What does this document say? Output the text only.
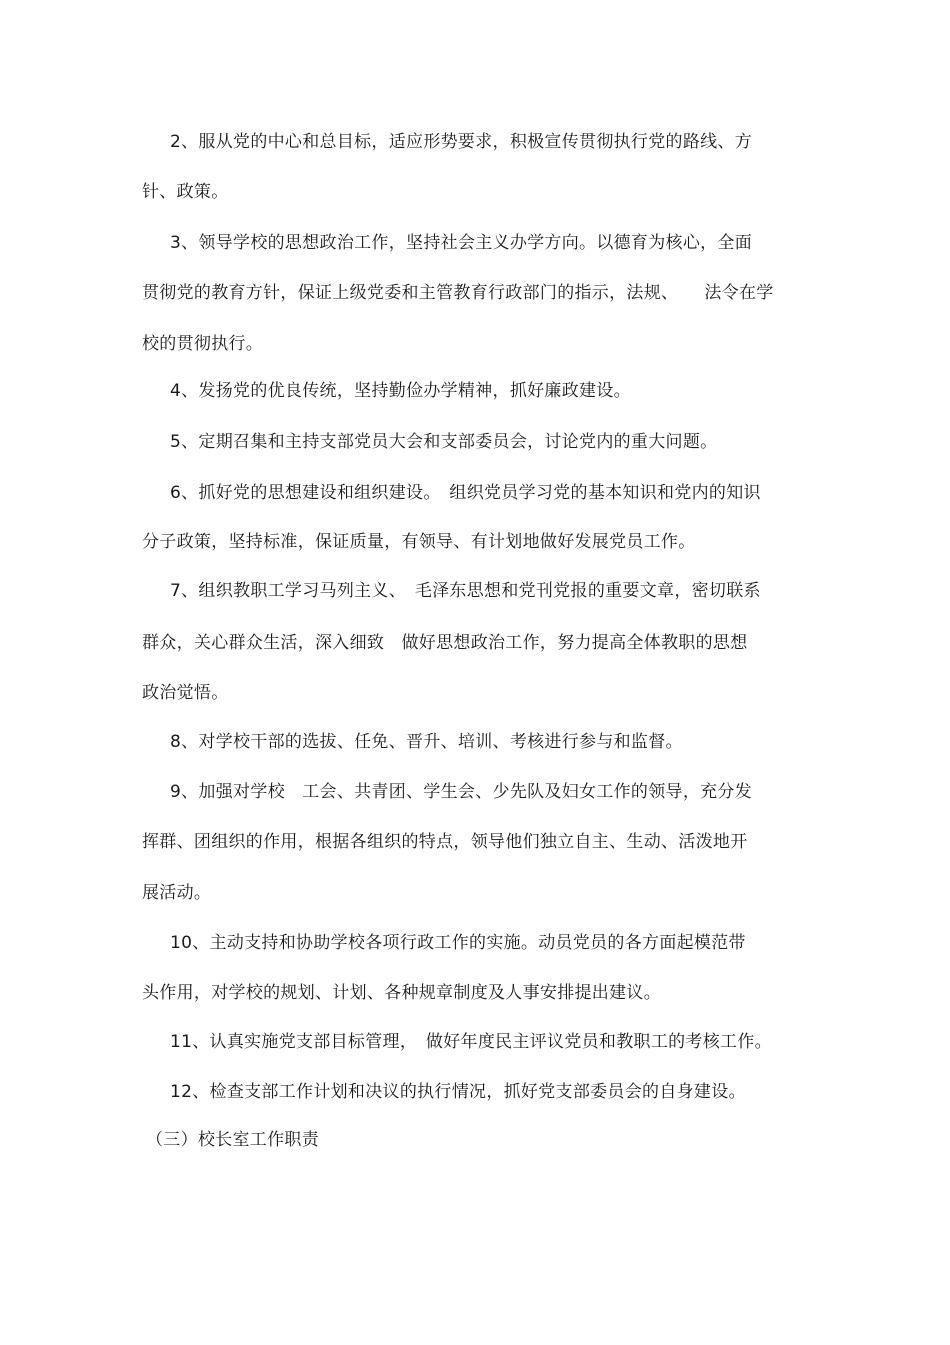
2、服从党的中心和总目标，适应形势要求，积极宣传贯彻执行党的路线、方
针、政策。
3、领导学校的思想政治工作，坚持社会主义办学方向。以德育为核心，全面
贯彻党的教育方针，保证上级党委和主管教育行政部门的指示，法规、　　法令在学
校的贯彻执行。
4、发扬党的优良传统，坚持勤俭办学精神，抓好廉政建设。
5、定期召集和主持支部党员大会和支部委员会，讨论党内的重大问题。
6、抓好党的思想建设和组织建设。　组织党员学习党的基本知识和党内的知识
分子政策，坚持标准，保证质量，有领导、有计划地做好发展党员工作。
7、组织教职工学习马列主义、　毛泽东思想和党刊党报的重要文章，密切联系
群众，关心群众生活，深入细致　做好思想政治工作，努力提高全体教职的思想
政治觉悟。
8、对学校干部的选拔、任免、晋升、培训、考核进行参与和监督。
9、加强对学校　工会、共青团、学生会、少先队及妇女工作的领导，充分发
挥群、团组织的作用，根据各组织的特点，领导他们独立自主、生动、活泼地开
展活动。
10、主动支持和协助学校各项行政工作的实施。动员党员的各方面起模范带
头作用，对学校的规划、计划、各种规章制度及人事安排提出建议。
11、认真实施党支部目标管理，　做好年度民主评议党员和教职工的考核工作。
12、检查支部工作计划和决议的执行情况，抓好党支部委员会的自身建设。
（三）校长室工作职责
